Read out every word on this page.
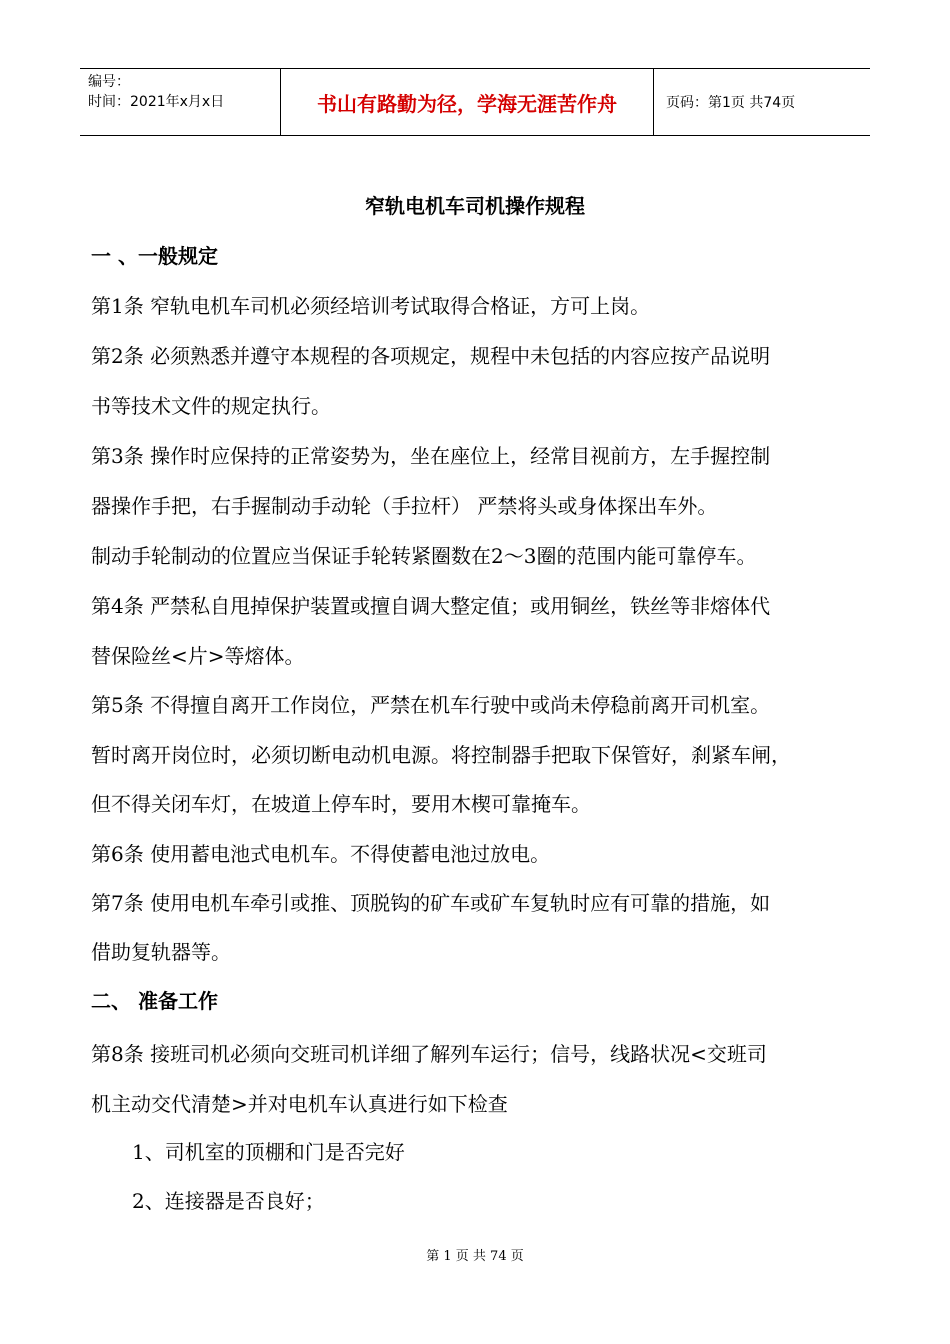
编号：
时间：2021年x月x日	书山有路勤为径，学海无涯苦作舟	页码：第1页 共74页
窄轨电机车司机操作规程
一 、一般规定
第1条 窄轨电机车司机必须经培训考试取得合格证，方可上岗。
第2条 必须熟悉并遵守本规程的各项规定，规程中未包括的内容应按产品说明
书等技术文件的规定执行。
第3条 操作时应保持的正常姿势为，坐在座位上，经常目视前方，左手握控制
器操作手把，右手握制动手动轮（手拉杆） 严禁将头或身体探出车外。
制动手轮制动的位置应当保证手轮转紧圈数在2～3圈的范围内能可靠停车。
第4条 严禁私自甩掉保护装置或擅自调大整定值；或用铜丝，铁丝等非熔体代
替保险丝<片>等熔体。
第5条 不得擅自离开工作岗位，严禁在机车行驶中或尚未停稳前离开司机室。
暂时离开岗位时，必须切断电动机电源。将控制器手把取下保管好，刹紧车闸，
但不得关闭车灯，在坡道上停车时，要用木楔可靠掩车。
第6条 使用蓄电池式电机车。不得使蓄电池过放电。
第7条 使用电机车牵引或推、顶脱钩的矿车或矿车复轨时应有可靠的措施，如
借助复轨器等。
二、 准备工作
第8条 接班司机必须向交班司机详细了解列车运行；信号，线路状况<交班司
机主动交代清楚>并对电机车认真进行如下检查
1、司机室的顶棚和门是否完好
2、连接器是否良好；
第 1 页 共 74 页
